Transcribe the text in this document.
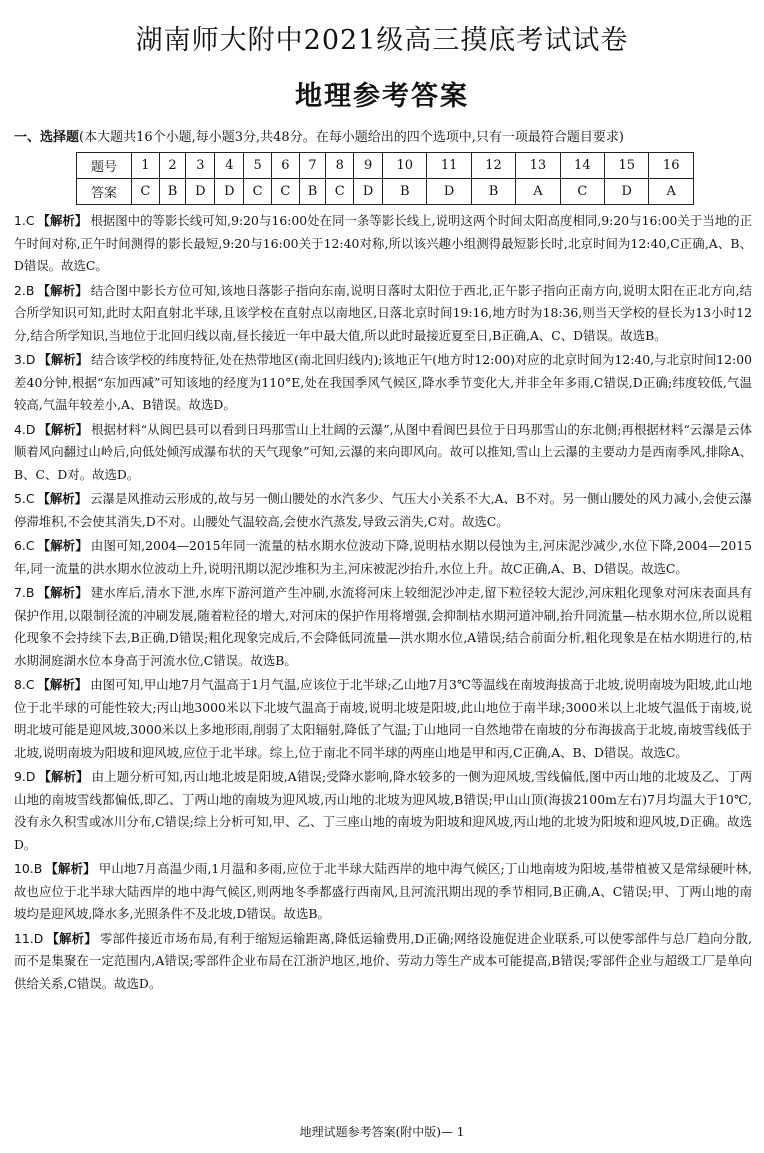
湖南师大附中2021级高三摸底考试试卷
地理参考答案
一、选择题(本大题共16个小题,每小题3分,共48分。在每小题给出的四个选项中,只有一项最符合题目要求)
题号	1	2	3	4	5	6	7	8	9	10	11	12	13	14	15	16
答案	C	B	D	D	C	C	B	C	D	B	D	B	A	C	D	A
1.C 【解析】 根据图中的等影长线可知,9:20与16:00处在同一条等影长线上,说明这两个时间太阳高度相同,9:20与16:00关于当地的正午时间对称,正午时间测得的影长最短,9:20与16:00关于12:40对称,所以该兴趣小组测得最短影长时,北京时间为12:40,C正确,A、B、D错误。故选C。
2.B 【解析】 结合图中影长方位可知,该地日落影子指向东南,说明日落时太阳位于西北,正午影子指向正南方向,说明太阳在正北方向,结合所学知识可知,此时太阳直射北半球,且该学校在直射点以南地区,日落北京时间19:16,地方时为18:36,则当天学校的昼长为13小时12分,结合所学知识,当地位于北回归线以南,昼长接近一年中最大值,所以此时最接近夏至日,B正确,A、C、D错误。故选B。
3.D 【解析】 结合该学校的纬度特征,处在热带地区(南北回归线内);该地正午(地方时12:00)对应的北京时间为12:40,与北京时间12:00差40分钟,根据“东加西减”可知该地的经度为110°E,处在我国季风气候区,降水季节变化大,并非全年多雨,C错误,D正确;纬度较低,气温较高,气温年较差小,A、B错误。故选D。
4.D 【解析】 根据材料“从阆巴县可以看到日玛那雪山上壮阔的云瀑”,从图中看阆巴县位于日玛那雪山的东北侧;再根据材料“云瀑是云体顺着风向翻过山岭后,向低处倾泻成瀑布状的天气现象”可知,云瀑的来向即风向。故可以推知,雪山上云瀑的主要动力是西南季风,排除A、B、C、D对。故选D。
5.C 【解析】 云瀑是风推动云形成的,故与另一侧山腰处的水汽多少、气压大小关系不大,A、B不对。另一侧山腰处的风力减小,会使云瀑停滞堆积,不会使其消失,D不对。山腰处气温较高,会使水汽蒸发,导致云消失,C对。故选C。
6.C 【解析】 由图可知,2004—2015年同一流量的枯水期水位波动下降,说明枯水期以侵蚀为主,河床泥沙减少,水位下降,2004—2015年,同一流量的洪水期水位波动上升,说明汛期以泥沙堆积为主,河床被泥沙抬升,水位上升。故C正确,A、B、D错误。故选C。
7.B 【解析】 建水库后,清水下泄,水库下游河道产生冲刷,水流将河床上较细泥沙冲走,留下粒径较大泥沙,河床粗化现象对河床表面具有保护作用,以限制径流的冲刷发展,随着粒径的增大,对河床的保护作用将增强,会抑制枯水期河道冲刷,抬升同流量—枯水期水位,所以说粗化现象不会持续下去,B正确,D错误;粗化现象完成后,不会降低同流量—洪水期水位,A错误;结合前面分析,粗化现象是在枯水期进行的,枯水期洞庭湖水位本身高于河流水位,C错误。故选B。
8.C 【解析】 由图可知,甲山地7月气温高于1月气温,应该位于北半球;乙山地7月3℃等温线在南坡海拔高于北坡,说明南坡为阳坡,此山地位于北半球的可能性较大;丙山地3000米以下北坡气温高于南坡,说明北坡是阳坡,此山地位于南半球;3000米以上北坡气温低于南坡,说明北坡可能是迎风坡,3000米以上多地形雨,削弱了太阳辐射,降低了气温;丁山地同一自然地带在南坡的分布海拔高于北坡,南坡雪线低于北坡,说明南坡为阳坡和迎风坡,应位于北半球。综上,位于南北不同半球的两座山地是甲和丙,C正确,A、B、D错误。故选C。
9.D 【解析】 由上题分析可知,丙山地北坡是阳坡,A错误;受降水影响,降水较多的一侧为迎风坡,雪线偏低,图中丙山地的北坡及乙、丁两山地的南坡雪线都偏低,即乙、丁两山地的南坡为迎风坡,丙山地的北坡为迎风坡,B错误;甲山山顶(海拔2100m左右)7月均温大于10℃,没有永久积雪或冰川分布,C错误;综上分析可知,甲、乙、丁三座山地的南坡为阳坡和迎风坡,丙山地的北坡为阳坡和迎风坡,D正确。故选D。
10.B 【解析】 甲山地7月高温少雨,1月温和多雨,应位于北半球大陆西岸的地中海气候区;丁山地南坡为阳坡,基带植被又是常绿硬叶林,故也应位于北半球大陆西岸的地中海气候区,则两地冬季都盛行西南风,且河流汛期出现的季节相同,B正确,A、C错误;甲、丁两山地的南坡均是迎风坡,降水多,光照条件不及北坡,D错误。故选B。
11.D 【解析】 零部件接近市场布局,有利于缩短运输距离,降低运输费用,D正确;网络设施促进企业联系,可以使零部件与总厂趋向分散,而不是集聚在一定范围内,A错误;零部件企业布局在江浙沪地区,地价、劳动力等生产成本可能提高,B错误;零部件企业与超级工厂是单向供给关系,C错误。故选D。
地理试题参考答案(附中版)— 1
